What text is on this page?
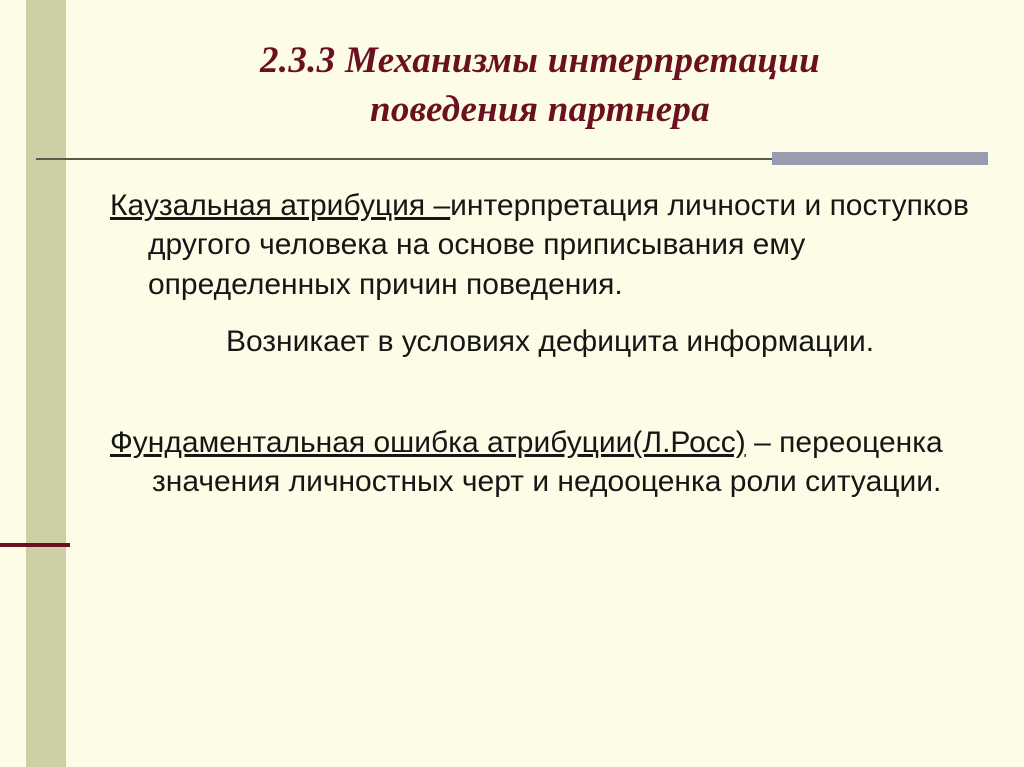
2.3.3 Механизмы интерпретации
поведения партнера

Каузальная атрибуция –интерпретация личности и поступков другого человека на основе приписывания ему определенных причин поведения.

Возникает в условиях дефицита информации.

Фундаментальная ошибка атрибуции(Л.Росс) – переоценка значения личностных черт и недооценка роли ситуации.
